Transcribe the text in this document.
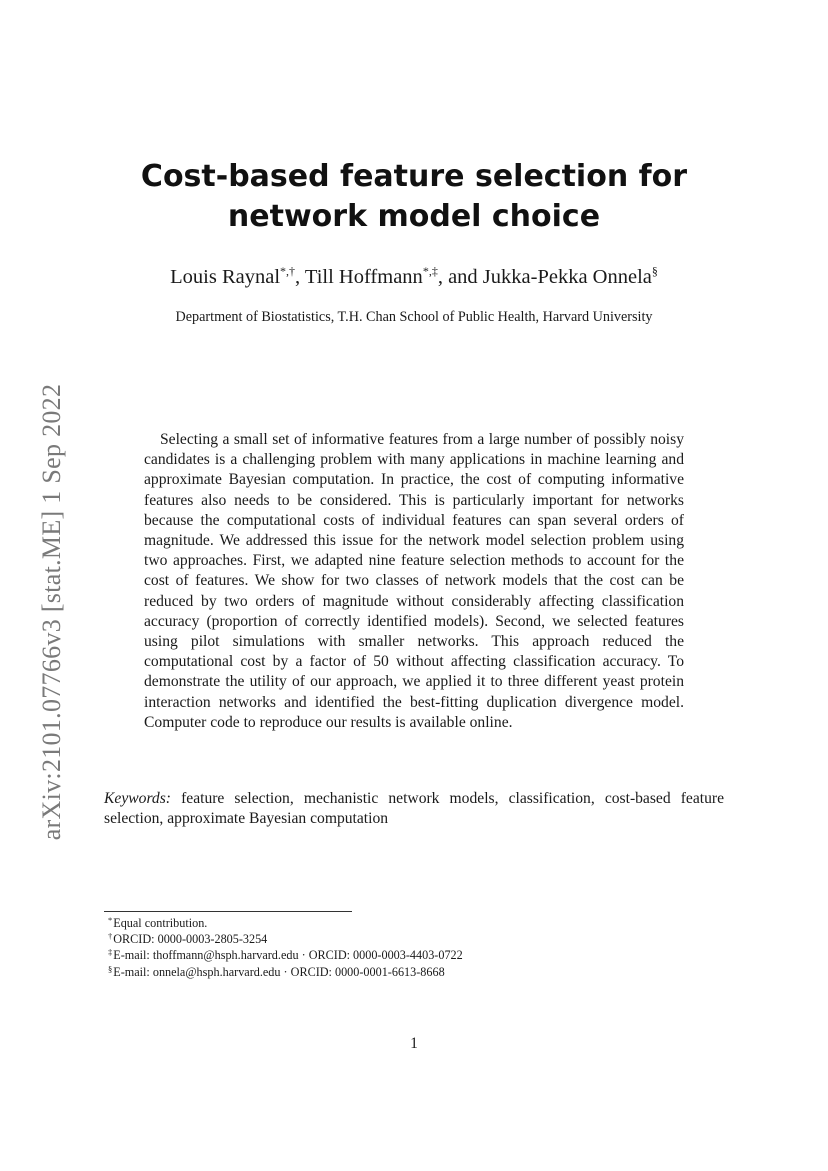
arXiv:2101.07766v3 [stat.ME] 1 Sep 2022
Cost-based feature selection for
network model choice
Louis Raynal*,†, Till Hoffmann*,‡, and Jukka-Pekka Onnela§
Department of Biostatistics, T.H. Chan School of Public Health, Harvard University

Selecting a small set of informative features from a large number of possibly noisy candidates is a challenging problem with many applications in machine learning and approximate Bayesian computation. In practice, the cost of computing informative features also needs to be considered. This is particularly important for networks because the computational costs of individual features can span several orders of magnitude. We addressed this issue for the network model selection problem using two approaches. First, we adapted nine feature selection methods to account for the cost of features. We show for two classes of network models that the cost can be reduced by two orders of magnitude without considerably affecting classification accuracy (proportion of correctly identified models). Second, we selected features using pilot simulations with smaller networks. This approach reduced the computational cost by a factor of 50 without affecting classification accuracy. To demonstrate the utility of our approach, we applied it to three different yeast protein interaction networks and identified the best-fitting duplication divergence model. Computer code to reproduce our results is available online.

Keywords: feature selection, mechanistic network models, classification, cost-based feature selection, approximate Bayesian computation

*Equal contribution.
†ORCID: 0000-0003-2805-3254
‡E-mail: thoffmann@hsph.harvard.edu · ORCID: 0000-0003-4403-0722
§E-mail: onnela@hsph.harvard.edu · ORCID: 0000-0001-6613-8668
1
